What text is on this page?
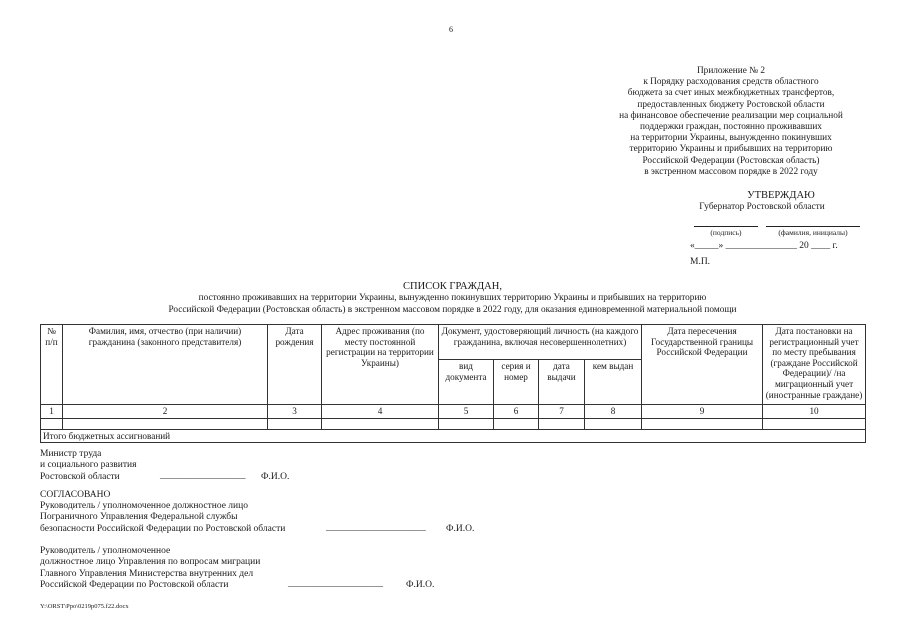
6
Приложение № 2
к Порядку расходования средств областного
бюджета за счет иных межбюджетных трансфертов,
предоставленных бюджету Ростовской области
на финансовое обеспечение реализации мер социальной
поддержки граждан, постоянно проживавших
на территории Украины, вынужденно покинувших
территорию Украины и прибывших на территорию
Российской Федерации (Ростовская область)
в экстренном массовом порядке в 2022 году
УТВЕРЖДАЮ
Губернатор Ростовской области
(подпись)	(фамилия, инициалы)
«_____» _______________ 20 ____ г.
М.П.
СПИСОК ГРАЖДАН,
постоянно проживавших на территории Украины, вынужденно покинувших территорию Украины и прибывших на территорию
Российской Федерации (Ростовская область) в экстренном массовом порядке в 2022 году, для оказания единовременной материальной помощи
№ п/п	Фамилия, имя, отчество (при наличии) гражданина (законного представителя)	Дата рождения	Адрес проживания (по месту постоянной регистрации на территории Украины)	Документ, удостоверяющий личность (на каждого гражданина, включая несовершеннолетних)				Дата пересечения Государственной границы Российской Федерации	Дата постановки на регистрационный учет по месту пребывания (граждане Российской Федерации)/ /на миграционный учет (иностранные граждане)
				вид документа	серия и номер	дата выдачи	кем выдан		
1	2	3	4	5	6	7	8	9	10

Итого бюджетных ассигнований									
Министр труда
и социального развития
Ростовской области	__________________ Ф.И.О.
СОГЛАСОВАНО
Руководитель / уполномоченное должностное лицо
Пограничного Управления Федеральной службы
безопасности Российской Федерации по Ростовской области	_____________________ Ф.И.О.
Руководитель / уполномоченное
должностное лицо Управления по вопросам миграции
Главного Управления Министерства внутренних дел
Российской Федерации по Ростовской области	____________________ Ф.И.О.
Y:\ORST\Ppo\0219p075.f22.docx
